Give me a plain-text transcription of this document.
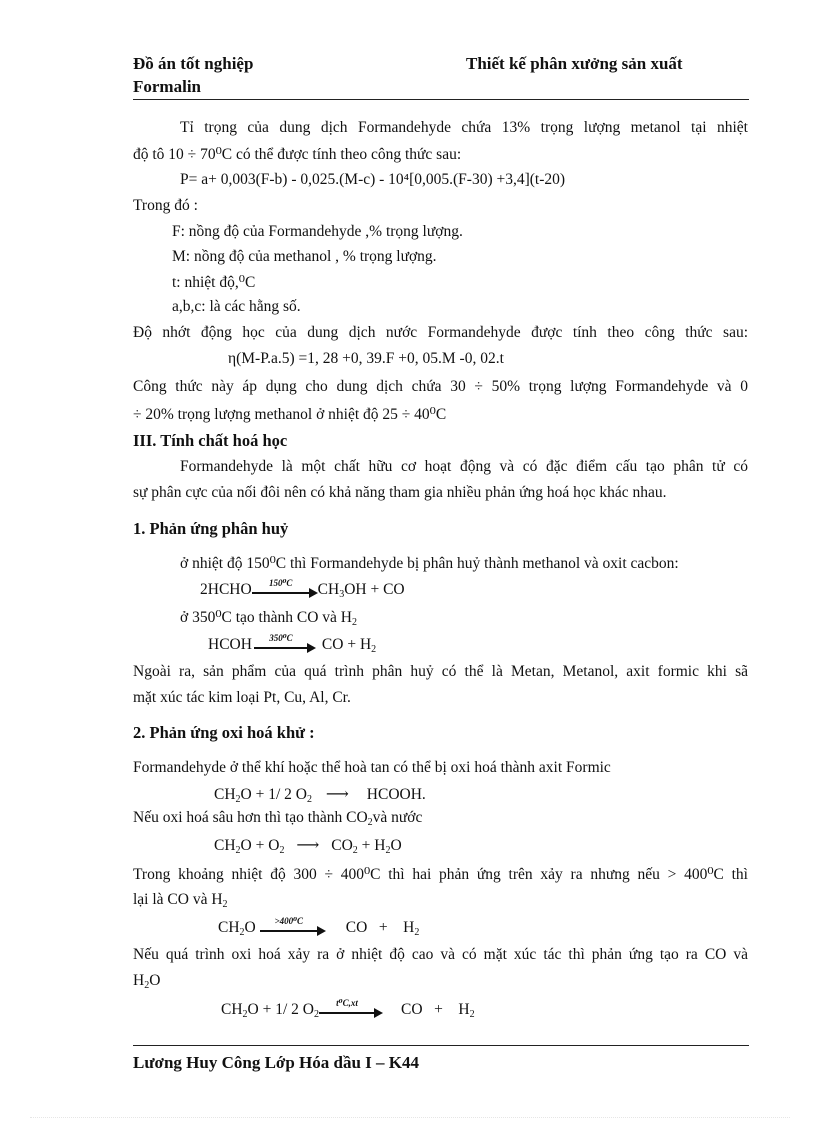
Đồ án tốt nghiệp
Formalin
Thiết kế phân xưởng sản xuất
Tỉ trọng của dung dịch Formandehyde chứa 13% trọng lượng metanol tại nhiệt
độ tô 10 ÷ 70⁰C có thể được tính theo công thức sau:
P= a+ 0,003(F-b) - 0,025.(M-c) - 10⁴[0,005.(F-30) +3,4](t-20)
Trong đó :
F: nồng độ của Formandehyde ,% trọng lượng.
M: nồng độ của methanol , % trọng lượng.
t: nhiệt độ,⁰C
a,b,c: là các hằng số.
Độ nhớt động học của dung dịch nước Formandehyde được tính theo công thức sau:
η(M-P.a.5) =1, 28 +0, 39.F +0, 05.M -0, 02.t
Công thức này áp dụng cho dung dịch chứa 30 ÷ 50% trọng lượng Formandehyde và 0
÷ 20% trọng lượng methanol ở nhiệt độ 25 ÷ 40⁰C
III. Tính chất hoá học
Formandehyde là một chất hữu cơ hoạt động và có đặc điểm cấu tạo phân tử có
sự phân cực của nối đôi nên có khả năng tham gia nhiều phản ứng hoá học khác nhau.
1. Phản ứng phân huỷ
ở nhiệt độ 150⁰C thì Formandehyde bị phân huỷ thành methanol và oxit cacbon:
2HCHO	150⁰C	$CH_3OH$ + CO
ở 350⁰C tạo thành CO và $H_2$
HCOH	350⁰C	CO + $H_2$
Ngoài ra, sản phẩm của quá trình phân huỷ có thể là Metan, Metanol, axit formic khi sã
mặt xúc tác kim loại Pt, Cu, Al, Cr.
2. Phản ứng oxi hoá khử :
Formandehyde ở thể khí hoặc thể hoà tan có thể bị oxi hoá thành axit Formic
$CH_2O + 1/$ 2 $O_2$ ⟶ HCOOH.
Nếu oxi hoá sâu hơn thì tạo thành $CO_2và$ nước
$CH_2O + O_2$ ⟶ $CO_2 + H_2O$
Trong khoảng nhiệt độ 300 ÷ 400⁰C thì hai phản ứng trên xảy ra nhưng nếu > 400⁰C thì
lại là CO và $H_2$
$CH_2O$	>400⁰C	CO   +    $H_2$
Nếu quá trình oxi hoá xảy ra ở nhiệt độ cao và có mặt xúc tác thì phản ứng tạo ra CO và
$H_2O$
$CH_2O + 1/$ 2 $O_2$
t⁰C,xt	CO   +    $H_2$
Lương Huy Công Lớp Hóa dầu I – K44
